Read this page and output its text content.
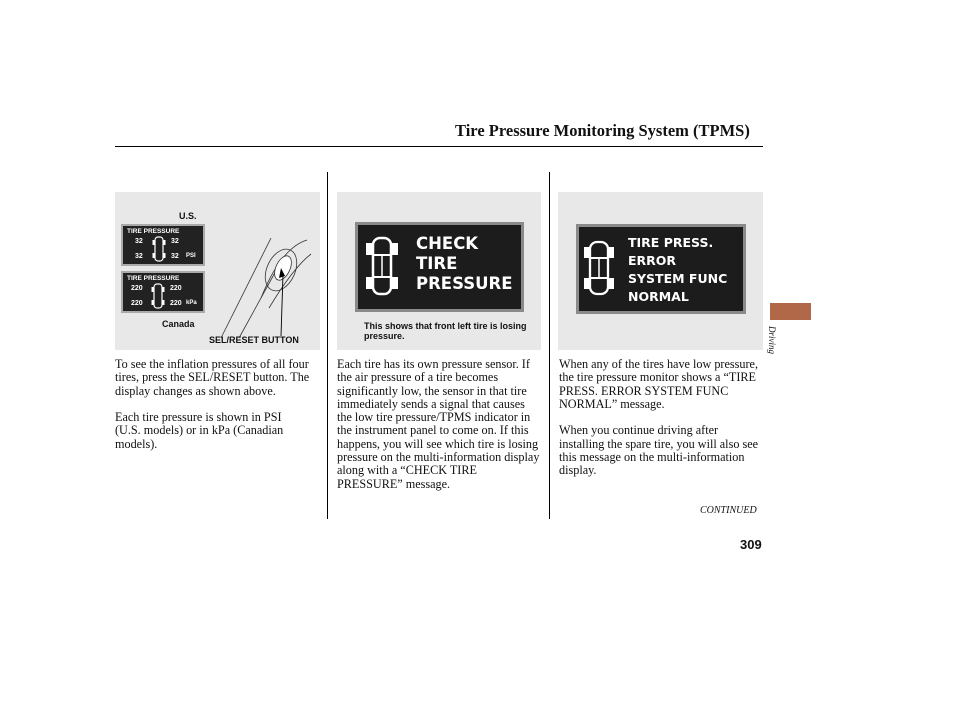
Tire Pressure Monitoring System (TPMS)
U.S.
TIRE PRESSURE
32	32
32	32 PSI
TIRE PRESSURE
220	220
220	220 kPa
Canada
SEL/RESET BUTTON
CHECK
TIRE
PRESSURE
This shows that front left tire is losing pressure.
TIRE PRESS.
ERROR
SYSTEM FUNC
NORMAL

To see the inflation pressures of all four tires, press the SEL/RESET button. The display changes as shown above.

Each tire pressure is shown in PSI (U.S. models) or in kPa (Canadian models).

Each tire has its own pressure sensor. If the air pressure of a tire becomes significantly low, the sensor in that tire immediately sends a signal that causes the low tire pressure/TPMS indicator in the instrument panel to come on. If this happens, you will see which tire is losing pressure on the multi-information display along with a “CHECK TIRE PRESSURE” message.

When any of the tires have low pressure, the tire pressure monitor shows a “TIRE PRESS. ERROR SYSTEM FUNC NORMAL” message.

When you continue driving after installing the spare tire, you will also see this message on the multi-information display.

Driving
CONTINUED
309
